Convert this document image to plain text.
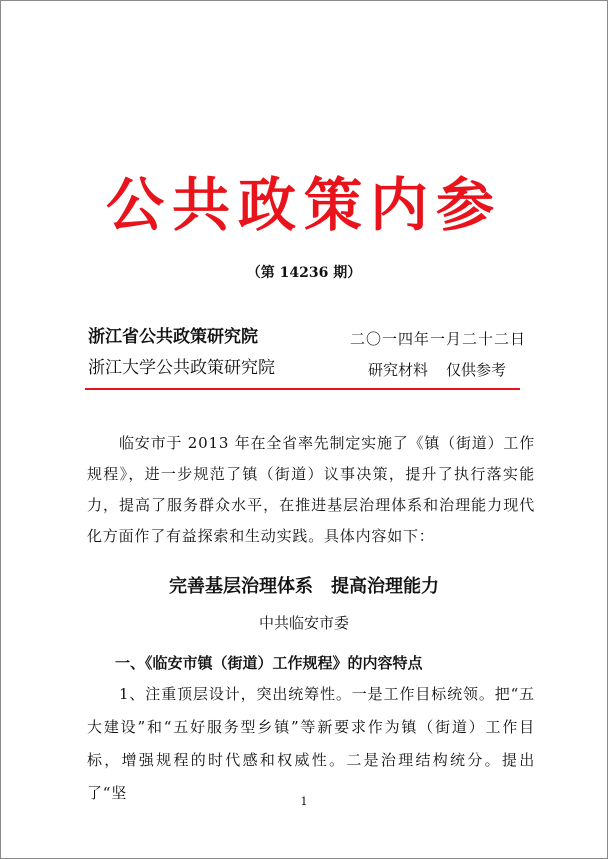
公共政策内参
（第 14236 期）
浙江省公共政策研究院	二〇一四年一月二十二日
浙江大学公共政策研究院	研究材料 仅供参考

临安市于 2013 年在全省率先制定实施了《镇（街道）工作规程》，进一步规范了镇（街道）议事决策，提升了执行落实能力，提高了服务群众水平，在推进基层治理体系和治理能力现代化方面作了有益探索和生动实践。具体内容如下：

完善基层治理体系　提高治理能力
中共临安市委
一、《临安市镇（街道）工作规程》的内容特点

1、注重顶层设计，突出统筹性。一是工作目标统领。把“五大建设”和“五好服务型乡镇”等新要求作为镇（街道）工作目标，增强规程的时代感和权威性。二是治理结构统分。提出了“坚	1
